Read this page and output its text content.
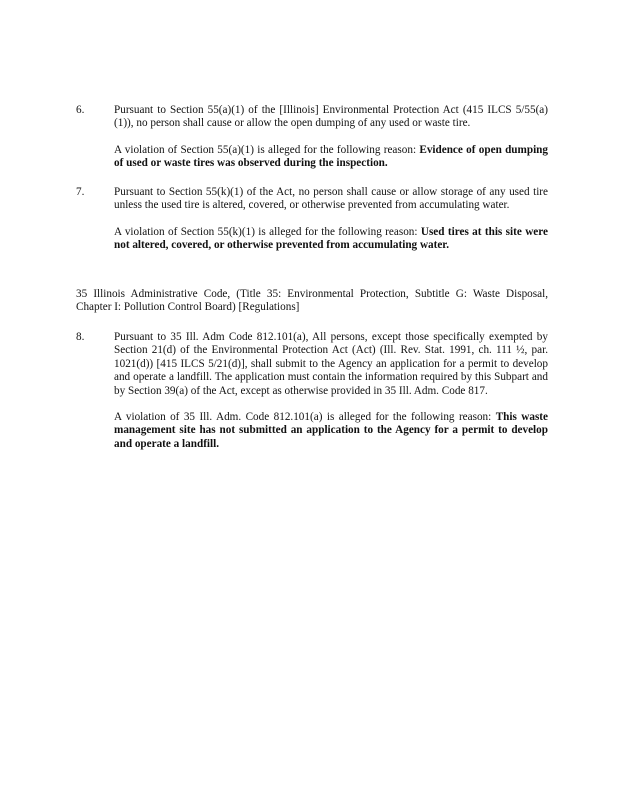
6.	Pursuant to Section 55(a)(1) of the [Illinois] Environmental Protection Act (415 ILCS 5/55(a)(1)), no person shall cause or allow the open dumping of any used or waste tire.

A violation of Section 55(a)(1) is alleged for the following reason: Evidence of open dumping of used or waste tires was observed during the inspection.

7.	Pursuant to Section 55(k)(1) of the Act, no person shall cause or allow storage of any used tire unless the used tire is altered, covered, or otherwise prevented from accumulating water.

A violation of Section 55(k)(1) is alleged for the following reason: Used tires at this site were not altered, covered, or otherwise prevented from accumulating water.

35 Illinois Administrative Code, (Title 35: Environmental Protection, Subtitle G: Waste Disposal, Chapter I: Pollution Control Board) [Regulations]
8.	Pursuant to 35 Ill. Adm Code 812.101(a), All persons, except those specifically exempted by Section 21(d) of the Environmental Protection Act (Act) (Ill. Rev. Stat. 1991, ch. 111 ½, par. 1021(d)) [415 ILCS 5/21(d)], shall submit to the Agency an application for a permit to develop and operate a landfill. The application must contain the information required by this Subpart and by Section 39(a) of the Act, except as otherwise provided in 35 Ill. Adm. Code 817.

A violation of 35 Ill. Adm. Code 812.101(a) is alleged for the following reason: This waste management site has not submitted an application to the Agency for a permit to develop and operate a landfill.
